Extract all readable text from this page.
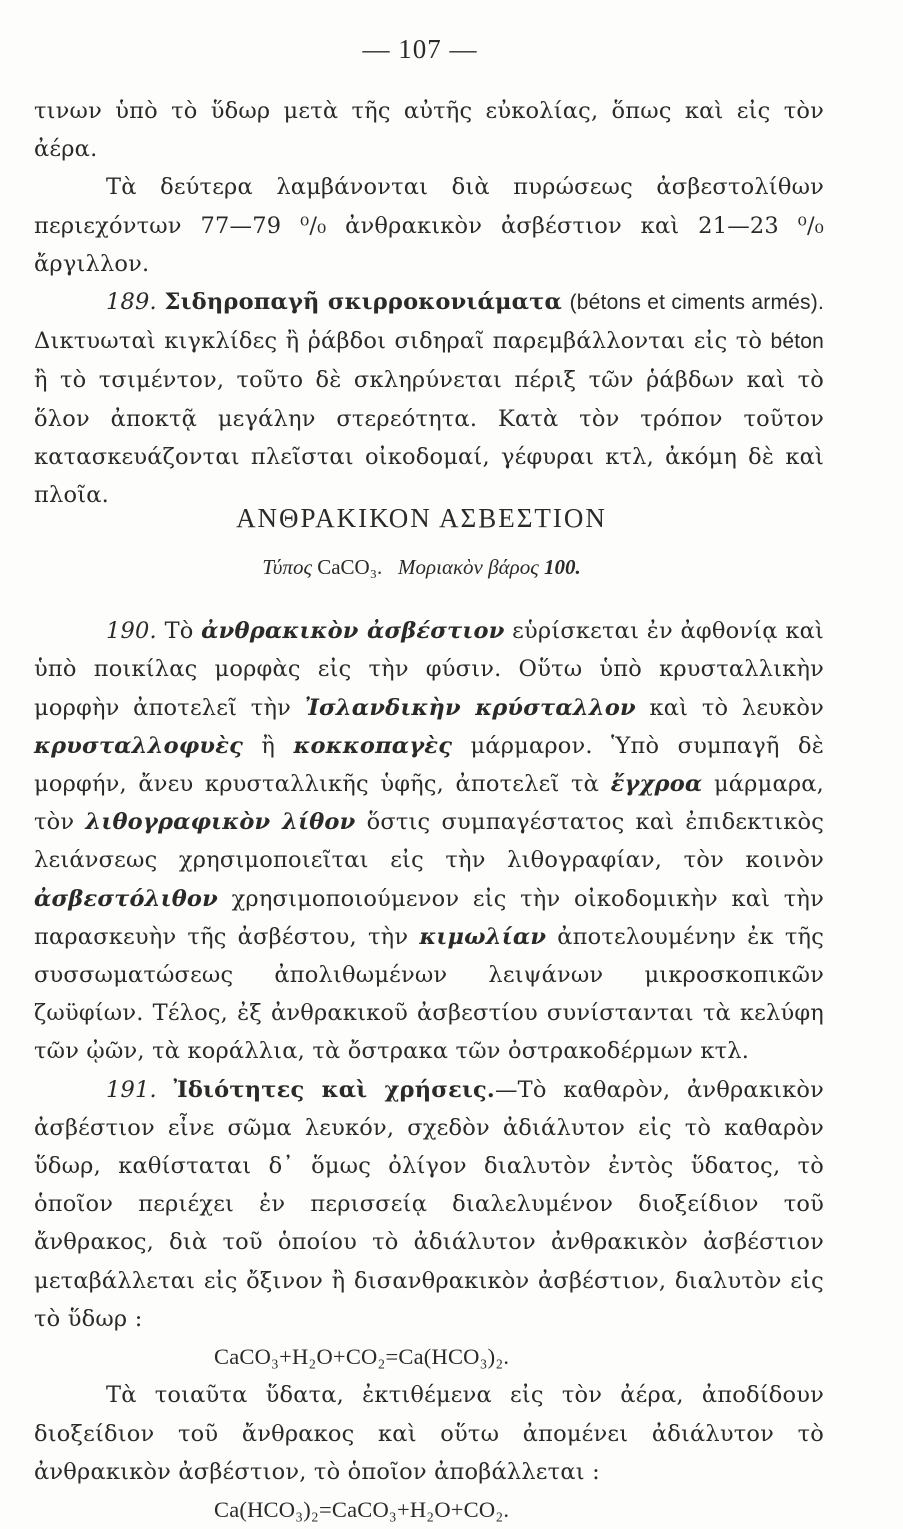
— 107 —

τινων ὑπὸ τὸ ὕδωρ μετὰ τῆς αὐτῆς εὐκολίας, ὅπως καὶ εἰς τὸν ἀέρα.

Τὰ δεύτερα λαμβάνονται διὰ πυρώσεως ἀσβεστολίθων περιεχόντων 77—79 ⁰/₀ ἀνθρακικὸν ἀσβέστιον καὶ 21—23 ⁰/₀ ἄργιλλον.

189. Σιδηροπαγῆ σκιρροκονιάματα (bétons et ciments armés). Δικτυωταὶ κιγκλίδες ἢ ῥάβδοι σιδηραῖ παρεμβάλλονται εἰς τὸ béton ἢ τὸ τσιμέντον, τοῦτο δὲ σκληρύνεται πέριξ τῶν ῥάβδων καὶ τὸ ὅλον ἀποκτᾷ μεγάλην στερεότητα. Κατὰ τὸν τρόπον τοῦτον κατασκευάζονται πλεῖσται οἰκοδομαί, γέφυραι κτλ, ἀκόμη δὲ καὶ πλοῖα.

190. Τὸ ἀνθρακικὸν ἀσβέστιον εὑρίσκεται ἐν ἀφθονίᾳ καὶ ὑπὸ ποικίλας μορφὰς εἰς τὴν φύσιν. Οὕτω ὑπὸ κρυσταλλικὴν μορφὴν ἀποτελεῖ τὴν Ἰσλανδικὴν κρύσταλλον καὶ τὸ λευκὸν κρυσταλλοφυὲς ἢ κοκκοπαγὲς μάρμαρον. Ὑπὸ συμπαγῆ δὲ μορφήν, ἄνευ κρυσταλλικῆς ὑφῆς, ἀποτελεῖ τὰ ἔγχροα μάρμαρα, τὸν λιθογραφικὸν λίθον ὅστις συμπαγέστατος καὶ ἐπιδεκτικὸς λειάνσεως χρησιμοποιεῖται εἰς τὴν λιθογραφίαν, τὸν κοινὸν ἀσβεστόλιθον χρησιμοποιούμενον εἰς τὴν οἰκοδομικὴν καὶ τὴν παρασκευὴν τῆς ἀσβέστου, τὴν κιμωλίαν ἀποτελουμένην ἐκ τῆς συσσωματώσεως ἀπολιθωμένων λειψάνων μικροσκοπικῶν ζωϋφίων. Τέλος, ἐξ ἀνθρακικοῦ ἀσβεστίου συνίστανται τὰ κελύφη τῶν ᾠῶν, τὰ κοράλλια, τὰ ὄστρακα τῶν ὀστρακοδέρμων κτλ.

191. Ἰδιότητες καὶ χρήσεις.—Τὸ καθαρὸν, ἀνθρακικὸν ἀσβέστιον εἶνε σῶμα λευκόν, σχεδὸν ἀδιάλυτον εἰς τὸ καθαρὸν ὕδωρ, καθίσταται δ᾽ ὅμως ὀλίγον διαλυτὸν ἐντὸς ὕδατος, τὸ ὁποῖον περιέχει ἐν περισσείᾳ διαλελυμένον διοξείδιον τοῦ ἄνθρακος, διὰ τοῦ ὁποίου τὸ ἀδιάλυτον ἀνθρακικὸν ἀσβέστιον μεταβάλλεται εἰς ὄξινον ἢ δισανθρακικὸν ἀσβέστιον, διαλυτὸν εἰς τὸ ὕδωρ :

CaCO₃+H₂O+CO₂=Ca(HCO₃)₂.

Τὰ τοιαῦτα ὕδατα, ἐκτιθέμενα εἰς τὸν ἀέρα, ἀποδίδουν διοξείδιον τοῦ ἄνθρακος καὶ οὕτω ἀπομένει ἀδιάλυτον τὸ ἀνθρακικὸν ἀσβέστιον, τὸ ὁποῖον ἀποβάλλεται :

Ca(HCO₃)₂=CaCO₃+H₂O+CO₂.

ΑΝΘΡΑΚΙΚΟΝ ΑΣΒΕΣΤΙΟΝ
Τύπος CaCO₃. Μοριακὸν βάρος 100.
